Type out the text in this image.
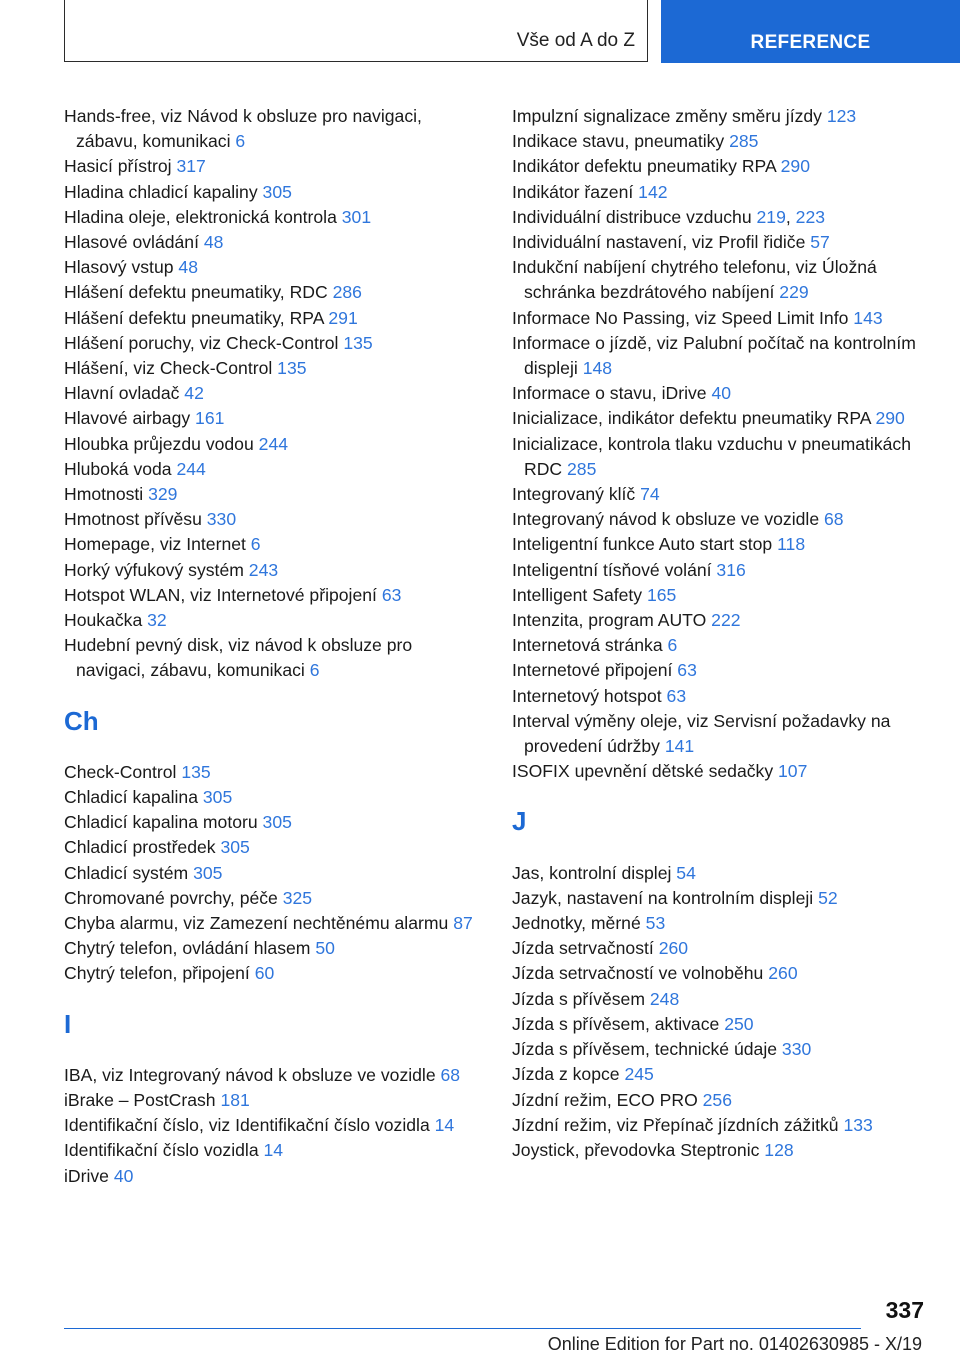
Vše od A do Z	REFERENCE
Hands-free, viz Návod k obsluze pro navigaci, zábavu, komunikaci 6
Hasicí přístroj 317
Hladina chladicí kapaliny 305
Hladina oleje, elektronická kontrola 301
Hlasové ovládání 48
Hlasový vstup 48
Hlášení defektu pneumatiky, RDC 286
Hlášení defektu pneumatiky, RPA 291
Hlášení poruchy, viz Check-Control 135
Hlášení, viz Check-Control 135
Hlavní ovladač 42
Hlavové airbagy 161
Hloubka průjezdu vodou 244
Hluboká voda 244
Hmotnosti 329
Hmotnost přívěsu 330
Homepage, viz Internet 6
Horký výfukový systém 243
Hotspot WLAN, viz Internetové připojení 63
Houkačka 32
Hudební pevný disk, viz návod k obsluze pro navigaci, zábavu, komunikaci 6
Ch
Check-Control 135
Chladicí kapalina 305
Chladicí kapalina motoru 305
Chladicí prostředek 305
Chladicí systém 305
Chromované povrchy, péče 325
Chyba alarmu, viz Zamezení nechtěnému alarmu 87
Chytrý telefon, ovládání hlasem 50
Chytrý telefon, připojení 60
I
IBA, viz Integrovaný návod k obsluze ve vozidle 68
iBrake – PostCrash 181
Identifikační číslo, viz Identifikační číslo vozidla 14
Identifikační číslo vozidla 14
iDrive 40
Impulzní signalizace změny směru jízdy 123
Indikace stavu, pneumatiky 285
Indikátor defektu pneumatiky RPA 290
Indikátor řazení 142
Individuální distribuce vzduchu 219, 223
Individuální nastavení, viz Profil řidiče 57
Indukční nabíjení chytrého telefonu, viz Úložná schránka bezdrátového nabíjení 229
Informace No Passing, viz Speed Limit Info 143
Informace o jízdě, viz Palubní počítač na kontrolním displeji 148
Informace o stavu, iDrive 40
Inicializace, indikátor defektu pneumatiky RPA 290
Inicializace, kontrola tlaku vzduchu v pneumatikách RDC 285
Integrovaný klíč 74
Integrovaný návod k obsluze ve vozidle 68
Inteligentní funkce Auto start stop 118
Inteligentní tísňové volání 316
Intelligent Safety 165
Intenzita, program AUTO 222
Internetová stránka 6
Internetové připojení 63
Internetový hotspot 63
Interval výměny oleje, viz Servisní požadavky na provedení údržby 141
ISOFIX upevnění dětské sedačky 107
J
Jas, kontrolní displej 54
Jazyk, nastavení na kontrolním displeji 52
Jednotky, měrné 53
Jízda setrvačností 260
Jízda setrvačností ve volnoběhu 260
Jízda s přívěsem 248
Jízda s přívěsem, aktivace 250
Jízda s přívěsem, technické údaje 330
Jízda z kopce 245
Jízdní režim, ECO PRO 256
Jízdní režim, viz Přepínač jízdních zážitků 133
Joystick, převodovka Steptronic 128
337
Online Edition for Part no. 01402630985 - X/19
